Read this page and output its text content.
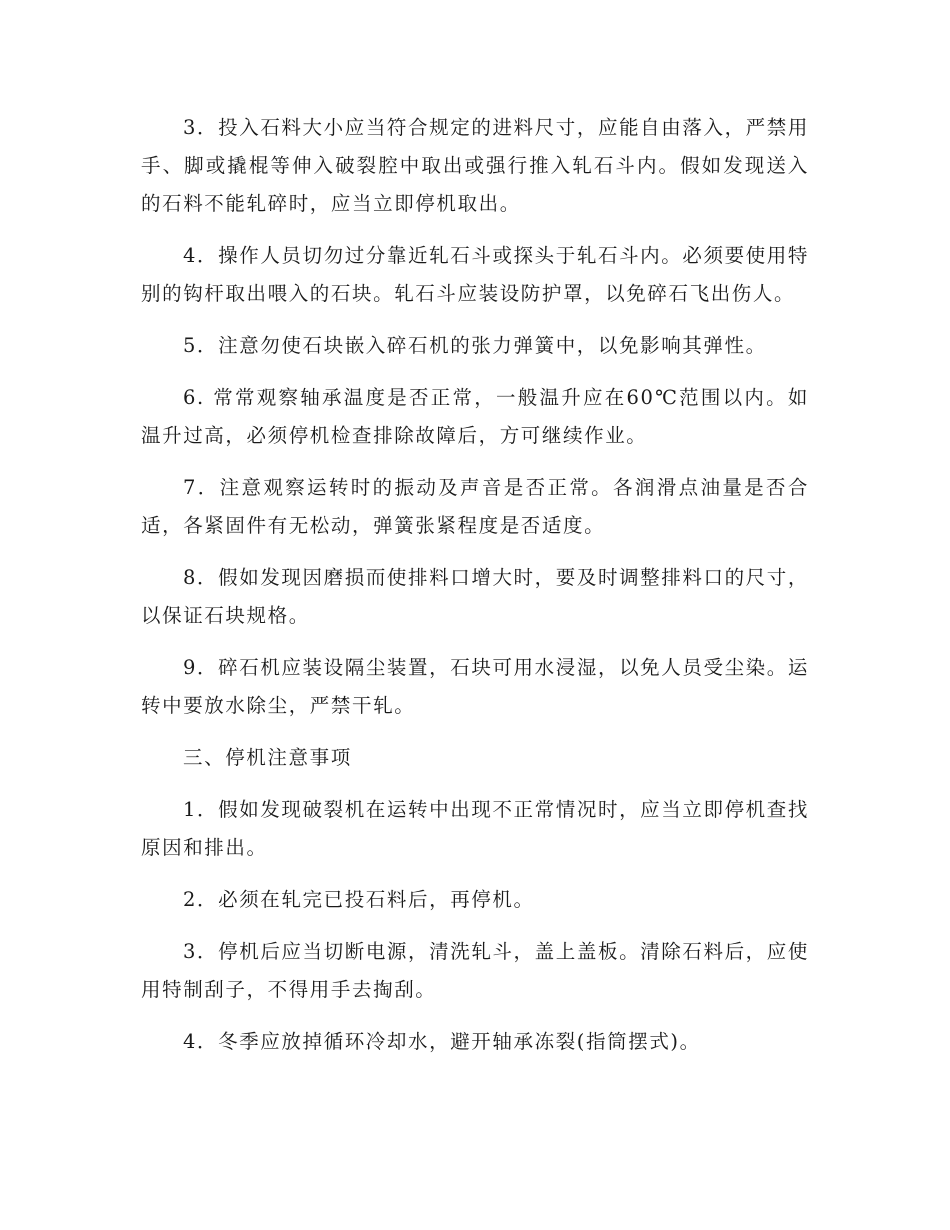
3．投入石料大小应当符合规定的进料尺寸，应能自由落入，严禁用手、脚或撬棍等伸入破裂腔中取出或强行推入轧石斗内。假如发现送入的石料不能轧碎时，应当立即停机取出。

4．操作人员切勿过分靠近轧石斗或探头于轧石斗内。必须要使用特别的钩杆取出喂入的石块。轧石斗应装设防护罩，以免碎石飞出伤人。

5．注意勿使石块嵌入碎石机的张力弹簧中，以免影响其弹性。

6. 常常观察轴承温度是否正常，一般温升应在60℃范围以内。如温升过高，必须停机检查排除故障后，方可继续作业。

7．注意观察运转时的振动及声音是否正常。各润滑点油量是否合适，各紧固件有无松动，弹簧张紧程度是否适度。

8．假如发现因磨损而使排料口增大时，要及时调整排料口的尺寸，以保证石块规格。

9．碎石机应装设隔尘装置，石块可用水浸湿，以免人员受尘染。运转中要放水除尘，严禁干轧。

三、停机注意事项

1．假如发现破裂机在运转中出现不正常情况时，应当立即停机查找原因和排出。

2．必须在轧完已投石料后，再停机。

3．停机后应当切断电源，清洗轧斗，盖上盖板。清除石料后，应使用特制刮子，不得用手去掏刮。

4．冬季应放掉循环冷却水，避开轴承冻裂(指筒摆式)。
